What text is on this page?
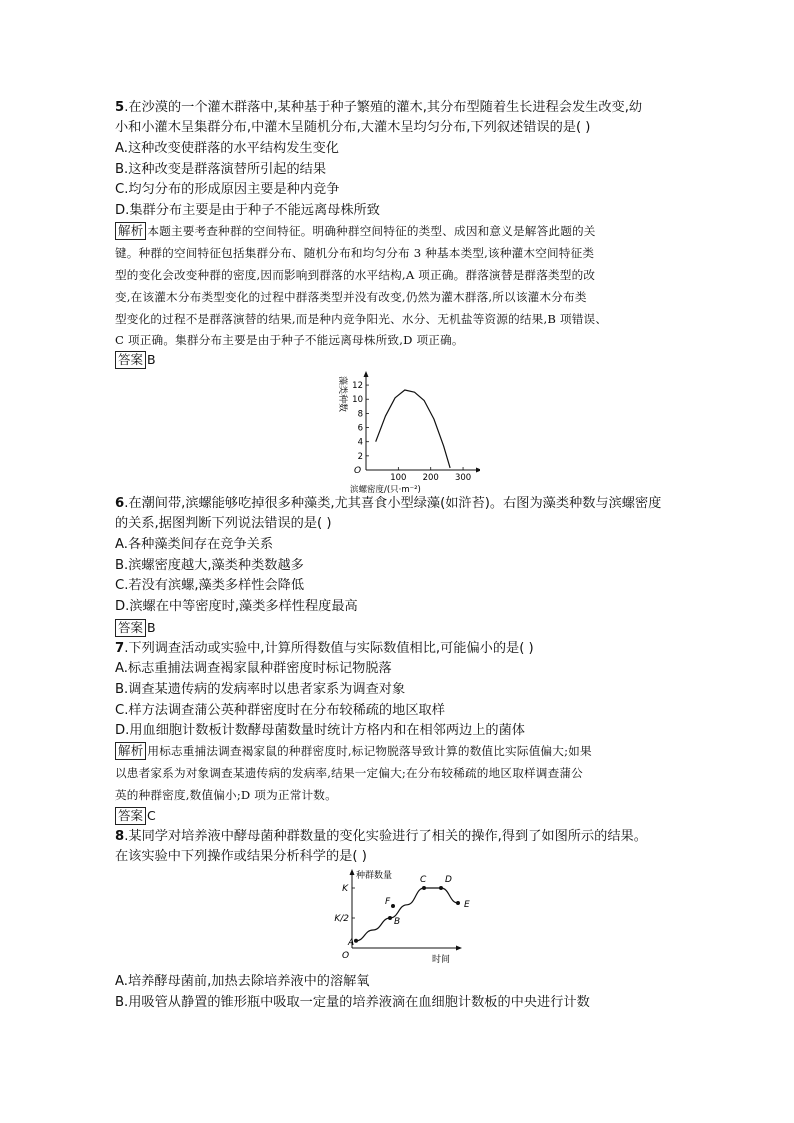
5.在沙漠的一个灌木群落中,某种基于种子繁殖的灌木,其分布型随着生长进程会发生改变,幼
小和小灌木呈集群分布,中灌木呈随机分布,大灌木呈均匀分布,下列叙述错误的是( )
A.这种改变使群落的水平结构发生变化
B.这种改变是群落演替所引起的结果
C.均匀分布的形成原因主要是种内竞争
D.集群分布主要是由于种子不能远离母株所致
解析 本题主要考查种群的空间特征。明确种群空间特征的类型、成因和意义是解答此题的关
键。种群的空间特征包括集群分布、随机分布和均匀分布 3 种基本类型,该种灌木空间特征类
型的变化会改变种群的密度,因而影响到群落的水平结构,A 项正确。群落演替是群落类型的改
变,在该灌木分布类型变化的过程中群落类型并没有改变,仍然为灌木群落,所以该灌木分布类
型变化的过程不是群落演替的结果,而是种内竞争阳光、水分、无机盐等资源的结果,B 项错误、
C 项正确。集群分布主要是由于种子不能远离母株所致,D 项正确。
答案 B
藻类种数
O
2
4
6
8
10
12
100 200 300
滨螺密度/(只·m⁻²)
6.在潮间带,滨螺能够吃掉很多种藻类,尤其喜食小型绿藻(如浒苔)。右图为藻类种数与滨螺密度
的关系,据图判断下列说法错误的是( )
A.各种藻类间存在竞争关系
B.滨螺密度越大,藻类种类数越多
C.若没有滨螺,藻类多样性会降低
D.滨螺在中等密度时,藻类多样性程度最高
答案 B
7.下列调查活动或实验中,计算所得数值与实际数值相比,可能偏小的是( )
A.标志重捕法调查褐家鼠种群密度时标记物脱落
B.调查某遗传病的发病率时以患者家系为调查对象
C.样方法调查蒲公英种群密度时在分布较稀疏的地区取样
D.用血细胞计数板计数酵母菌数量时统计方格内和在相邻两边上的菌体
解析 用标志重捕法调查褐家鼠的种群密度时,标记物脱落导致计算的数值比实际值偏大;如果
以患者家系为对象调查某遗传病的发病率,结果一定偏大;在分布较稀疏的地区取样调查蒲公
英的种群密度,数值偏小;D 项为正常计数。
答案 C
8.某同学对培养液中酵母菌种群数量的变化实验进行了相关的操作,得到了如图所示的结果。
在该实验中下列操作或结果分析科学的是( )
种群数量
时间
O
K
K/2
A
B
F
C D
E
A.培养酵母菌前,加热去除培养液中的溶解氧
B.用吸管从静置的锥形瓶中吸取一定量的培养液滴在血细胞计数板的中央进行计数
